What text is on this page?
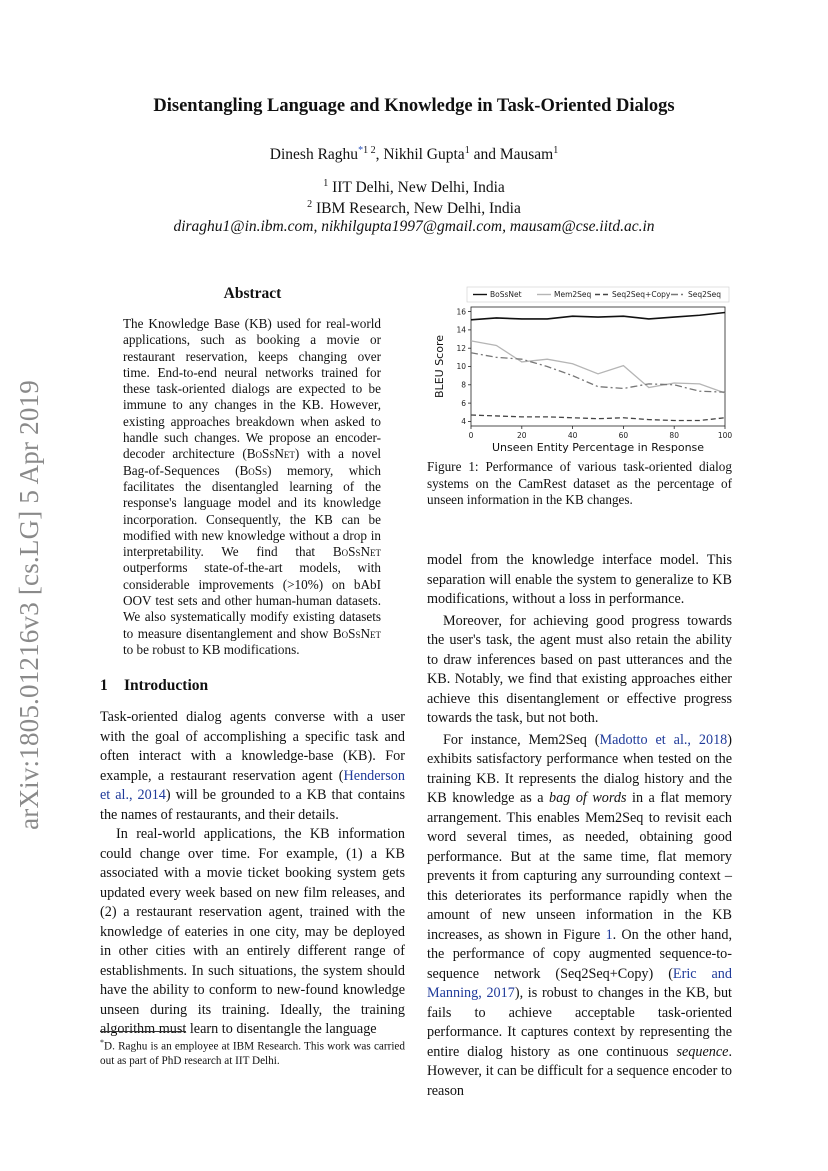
arXiv:1805.01216v3 [cs.LG] 5 Apr 2019
Disentangling Language and Knowledge in Task-Oriented Dialogs
Dinesh Raghu$^{*1 2}$, Nikhil Gupta$^1$ and Mausam$^1$
$^1$ IIT Delhi, New Delhi, India
$^2$ IBM Research, New Delhi, India
diraghu1@in.ibm.com, nikhilgupta1997@gmail.com, mausam@cse.iitd.ac.in
Abstract
The Knowledge Base (KB) used for real-world applications, such as booking a movie or restaurant reservation, keeps changing over time. End-to-end neural networks trained for these task-oriented dialogs are expected to be immune to any changes in the KB. However, existing approaches breakdown when asked to handle such changes. We propose an encoder-decoder architecture (BoSsNet) with a novel Bag-of-Sequences (BoSs) memory, which facilitates the disentangled learning of the response's language model and its knowledge incorporation. Consequently, the KB can be modified with new knowledge without a drop in interpretability. We find that BoSsNet outperforms state-of-the-art models, with considerable improvements (>10%) on bAbI OOV test sets and other human-human datasets. We also systematically modify existing datasets to measure disentanglement and show BoSsNet to be robust to KB modifications.
1 Introduction

Task-oriented dialog agents converse with a user with the goal of accomplishing a specific task and often interact with a knowledge-base (KB). For example, a restaurant reservation agent (Henderson et al., 2014) will be grounded to a KB that contains the names of restaurants, and their details.

In real-world applications, the KB information could change over time. For example, (1) a KB associated with a movie ticket booking system gets updated every week based on new film releases, and (2) a restaurant reservation agent, trained with the knowledge of eateries in one city, may be deployed in other cities with an entirely different range of establishments. In such situations, the system should have the ability to conform to new-found knowledge unseen during its training. Ideally, the training algorithm must learn to disentangle the language

*D. Raghu is an employee at IBM Research. This work was carried out as part of PhD research at IIT Delhi.
0	20	40	60	80	100
4
6
8
10
12
14
16
Unseen Entity Percentage in Response
BLEU Score
BoSsNet	Mem2Seq	Seq2Seq+Copy Seq2Seq
Figure 1: Performance of various task-oriented dialog systems on the CamRest dataset as the percentage of unseen information in the KB changes.

model from the knowledge interface model. This separation will enable the system to generalize to KB modifications, without a loss in performance.

Moreover, for achieving good progress towards the user's task, the agent must also retain the ability to draw inferences based on past utterances and the KB. Notably, we find that existing approaches either achieve this disentanglement or effective progress towards the task, but not both.

For instance, Mem2Seq (Madotto et al., 2018) exhibits satisfactory performance when tested on the training KB. It represents the dialog history and the KB knowledge as a bag of words in a flat memory arrangement. This enables Mem2Seq to revisit each word several times, as needed, obtaining good performance. But at the same time, flat memory prevents it from capturing any surrounding context – this deteriorates its performance rapidly when the amount of new unseen information in the KB increases, as shown in Figure 1. On the other hand, the performance of copy augmented sequence-to-sequence network (Seq2Seq+Copy) (Eric and Manning, 2017), is robust to changes in the KB, but fails to achieve acceptable task-oriented performance. It captures context by representing the entire dialog history as one continuous sequence. However, it can be difficult for a sequence encoder to reason
